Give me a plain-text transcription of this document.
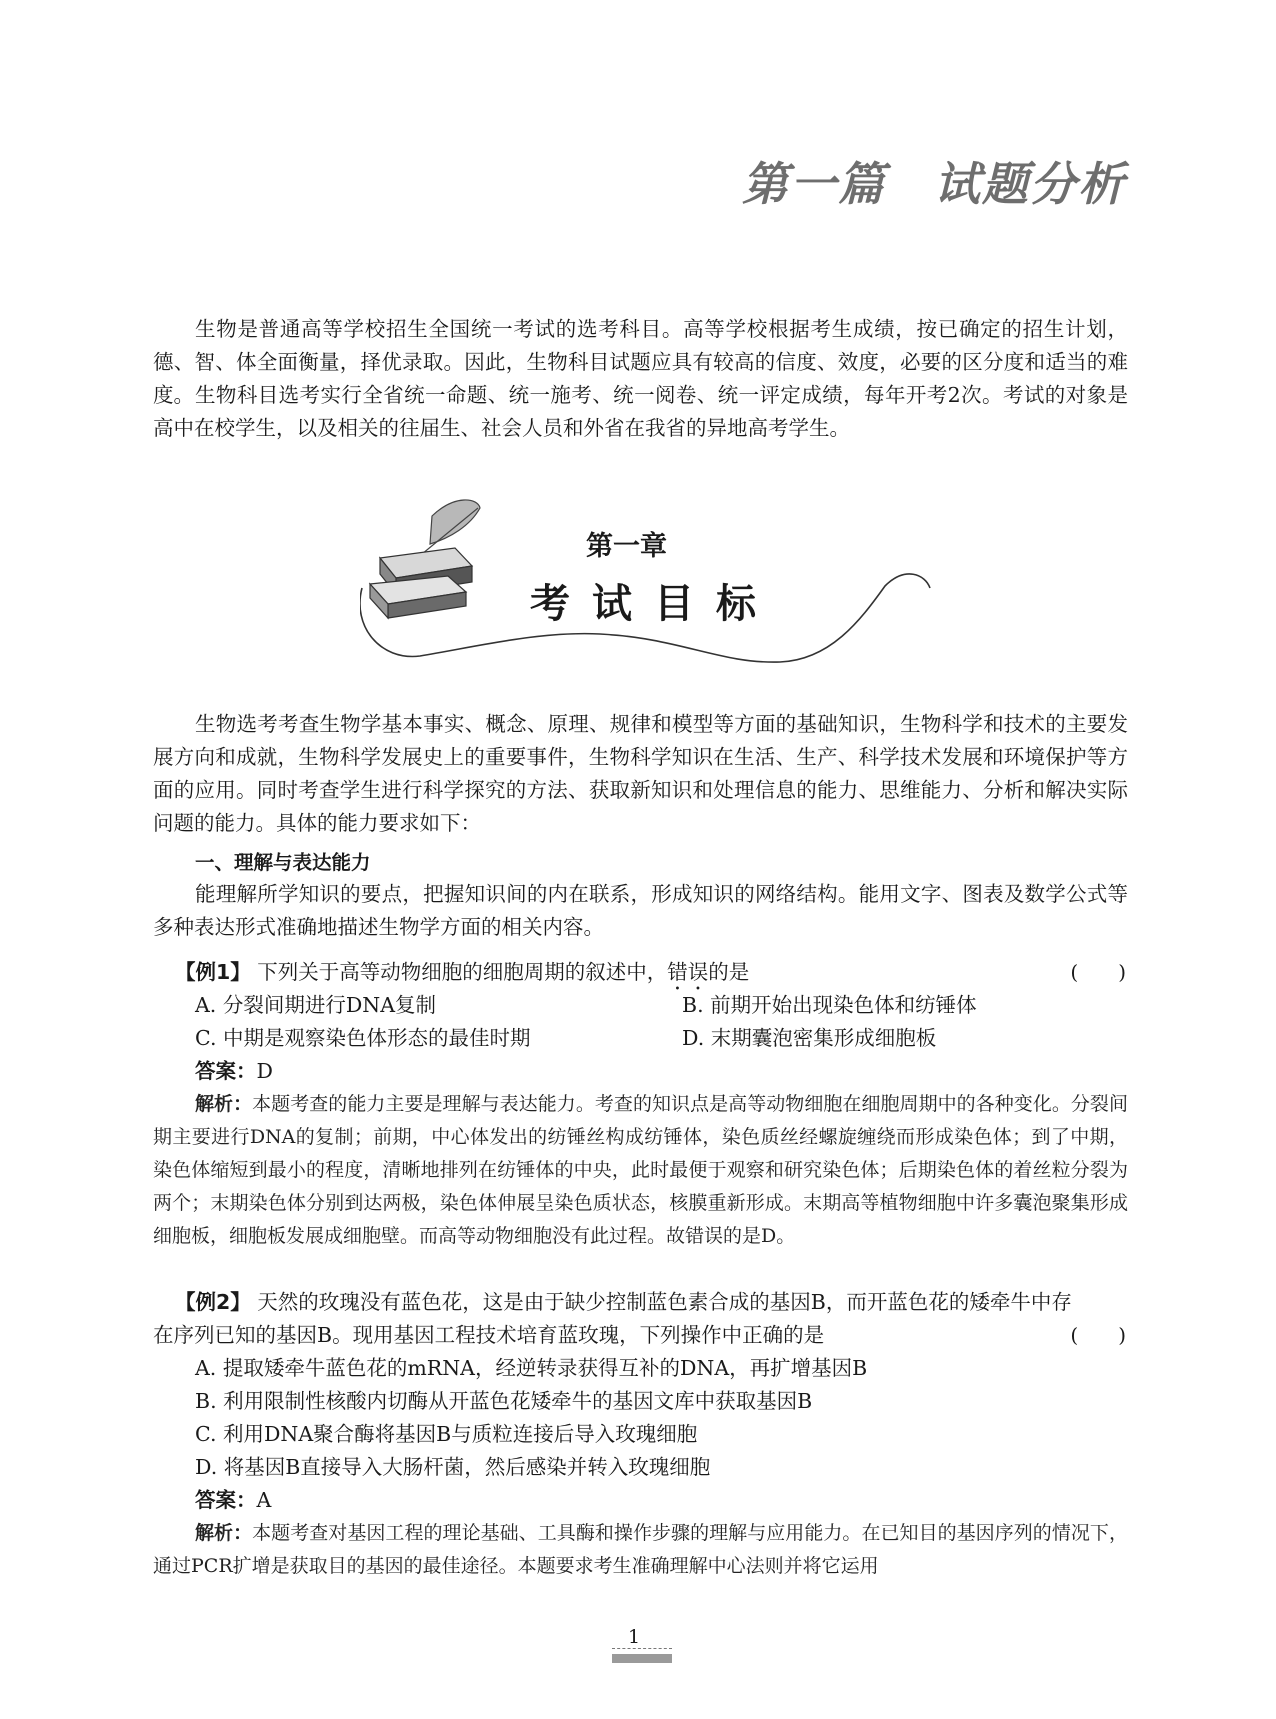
第一篇　试题分析

生物是普通高等学校招生全国统一考试的选考科目。高等学校根据考生成绩，按已确定的招生计划，德、智、体全面衡量，择优录取。因此，生物科目试题应具有较高的信度、效度，必要的区分度和适当的难度。 生物科目选考实行全省统一命题、统一施考、统一阅卷、统一评定成绩，每年开考2次。考试的对象是高中在校学生，以及相关的往届生、社会人员和外省在我省的异地高考学生。

第一章
考试目标

生物选考考查生物学基本事实、概念、原理、规律和模型等方面的基础知识，生物科学和技术的主要发展方向和成就，生物科学发展史上的重要事件，生物科学知识在生活、生产、科学技术发展和环境保护等方面的应用。同时考查学生进行科学探究的方法、获取新知识和处理信息的能力、思维能力、分析和解决实际问题的能力。具体的能力要求如下：

一、理解与表达能力

能理解所学知识的要点，把握知识间的内在联系，形成知识的网络结构。能用文字、图表及数学公式等多种表达形式准确地描述生物学方面的相关内容。

【例1】 下列关于高等动物细胞的细胞周期的叙述中，错误的是	(　　)
A. 分裂间期进行DNA复制	B. 前期开始出现染色体和纺锤体
C. 中期是观察染色体形态的最佳时期	D. 末期囊泡密集形成细胞板
答案：D

解析：本题考查的能力主要是理解与表达能力。考查的知识点是高等动物细胞在细胞周期中的各种变化。分裂间期主要进行DNA的复制；前期，中心体发出的纺锤丝构成纺锤体，染色质丝经螺旋缠绕而形成染色体；到了中期，染色体缩短到最小的程度，清晰地排列在纺锤体的中央，此时最便于观察和研究染色体；后期染色体的着丝粒分裂为两个；末期染色体分别到达两极，染色体伸展呈染色质状态，核膜重新形成。末期高等植物细胞中许多囊泡聚集形成细胞板，细胞板发展成细胞壁。而高等动物细胞没有此过程。故错误的是D。

【例2】 天然的玫瑰没有蓝色花，这是由于缺少控制蓝色素合成的基因B，而开蓝色花的矮牵牛中存
在序列已知的基因B。现用基因工程技术培育蓝玫瑰，下列操作中正确的是	(　　)
A. 提取矮牵牛蓝色花的mRNA，经逆转录获得互补的DNA，再扩增基因B
B. 利用限制性核酸内切酶从开蓝色花矮牵牛的基因文库中获取基因B
C. 利用DNA聚合酶将基因B与质粒连接后导入玫瑰细胞
D. 将基因B直接导入大肠杆菌，然后感染并转入玫瑰细胞
答案：A

解析：本题考查对基因工程的理论基础、工具酶和操作步骤的理解与应用能力。在已知目的基因序列的情况下，通过PCR扩增是获取目的基因的最佳途径。本题要求考生准确理解中心法则并将它运用

1
